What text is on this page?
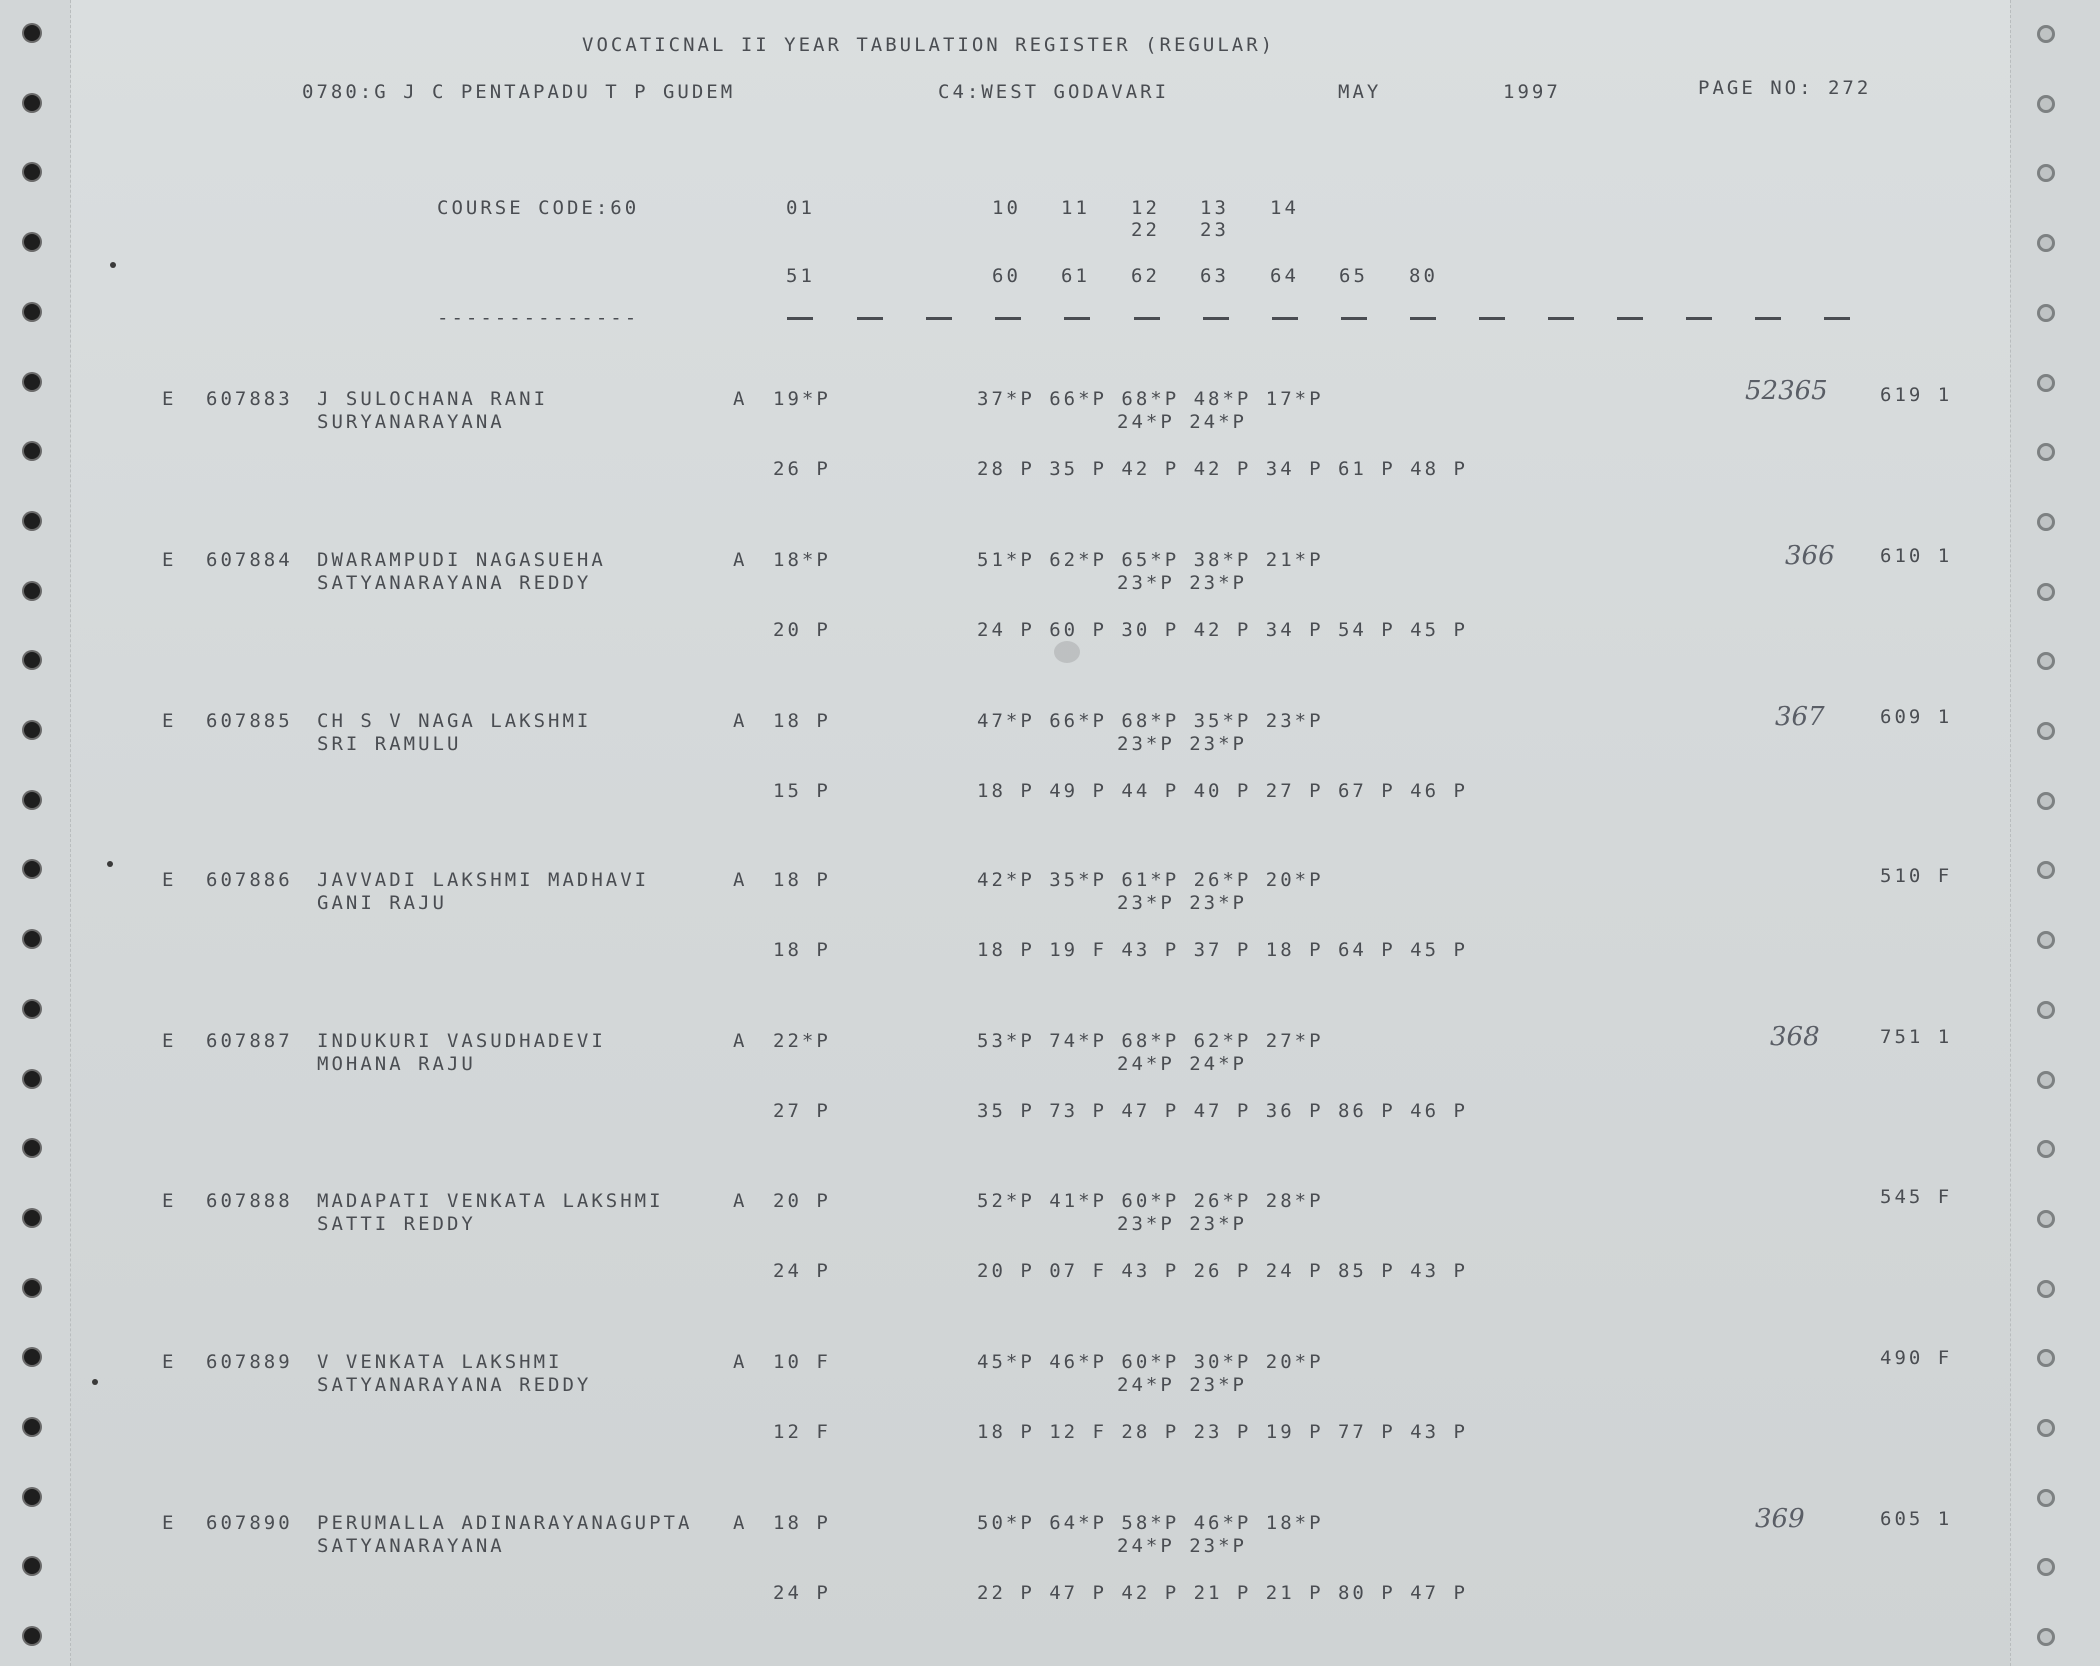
VOCATICNAL II YEAR TABULATION REGISTER (REGULAR)
0780:G J C PENTAPADU T P GUDEM	C4:WEST GODAVARI	MAY	1997	PAGE NO: 272
COURSE CODE:60	01	10 11 12 13 14
22 23
51	60 61 62 63 64 65 80
--------------
E 607883 J SULOCHANA RANI
SURYANARAYANA
A 19*P	37*P 66*P 68*P 48*P 17*P
24*P 24*P
26 P	28 P 35 P 42 P 42 P 34 P 61 P 48 P
52365	619 1
E 607884 DWARAMPUDI NAGASUEHA
SATYANARAYANA REDDY
A 18*P	51*P 62*P 65*P 38*P 21*P
23*P 23*P
20 P	24 P 60 P 30 P 42 P 34 P 54 P 45 P
366 610 1
E 607885 CH S V NAGA LAKSHMI
SRI RAMULU
A 18 P	47*P 66*P 68*P 35*P 23*P
23*P 23*P
15 P	18 P 49 P 44 P 40 P 27 P 67 P 46 P
367	609 1
E 607886 JAVVADI LAKSHMI MADHAVI
GANI RAJU
A 18 P	42*P 35*P 61*P 26*P 20*P
23*P 23*P
18 P	18 P 19 F 43 P 37 P 18 P 64 P 45 P
510 F
E 607887 INDUKURI VASUDHADEVI
MOHANA RAJU
A 22*P	53*P 74*P 68*P 62*P 27*P
24*P 24*P
27 P	35 P 73 P 47 P 47 P 36 P 86 P 46 P
368	751 1
E 607888 MADAPATI VENKATA LAKSHMI
SATTI REDDY
A 20 P	52*P 41*P 60*P 26*P 28*P
23*P 23*P
24 P	20 P 07 F 43 P 26 P 24 P 85 P 43 P
545 F
E 607889 V VENKATA LAKSHMI
SATYANARAYANA REDDY
A 10 F	45*P 46*P 60*P 30*P 20*P
24*P 23*P
12 F	18 P 12 F 28 P 23 P 19 P 77 P 43 P
490 F
E 607890 PERUMALLA ADINARAYANAGUPTA
SATYANARAYANA
A 18 P	50*P 64*P 58*P 46*P 18*P
24*P 23*P
24 P	22 P 47 P 42 P 21 P 21 P 80 P 47 P
369	605 1
